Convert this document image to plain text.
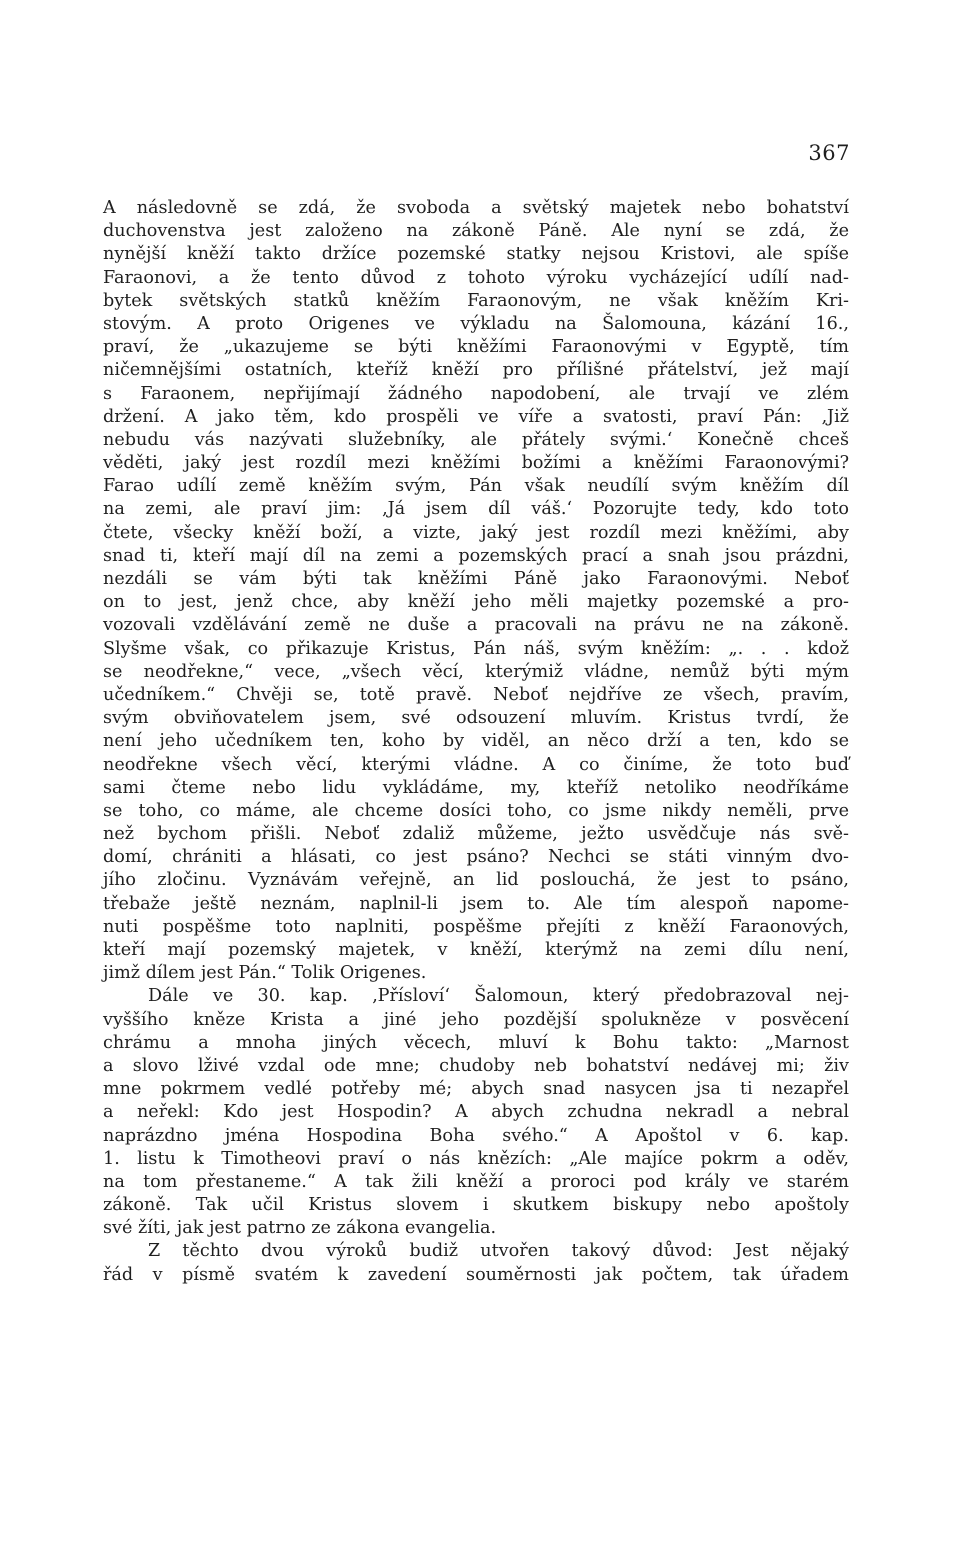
367
A následovně se zdá, že svoboda a světský majetek nebo bohatství
duchovenstva jest založeno na zákoně Páně. Ale nyní se zdá, že
nynější kněží takto držíce pozemské statky nejsou Kristovi, ale spíše
Faraonovi, a že tento důvod z tohoto výroku vycházející udílí nad-
bytek světských statků kněžím Faraonovým, ne však kněžím Kri-
stovým. A proto Origenes ve výkladu na Šalomouna, kázání 16.,
praví, že „ukazujeme se býti kněžími Faraonovými v Egyptě, tím
ničemnějšími ostatních, kteříž kněží pro přílišné přátelství, jež mají
s Faraonem, nepřijímají žádného napodobení, ale trvají ve zlém
držení. A jako těm, kdo prospěli ve víře a svatosti, praví Pán: ‚Již
nebudu vás nazývati služebníky, ale přátely svými.‘ Konečně chceš
věděti, jaký jest rozdíl mezi kněžími božími a kněžími Faraonovými?
Farao udílí země kněžím svým, Pán však neudílí svým kněžím díl
na zemi, ale praví jim: ‚Já jsem díl váš.‘ Pozorujte tedy, kdo toto
čtete, všecky kněží boží, a vizte, jaký jest rozdíl mezi kněžími, aby
snad ti, kteří mají díl na zemi a pozemských prací a snah jsou prázdni,
nezdáli se vám býti tak kněžími Páně jako Faraonovými. Neboť
on to jest, jenž chce, aby kněží jeho měli majetky pozemské a pro-
vozovali vzdělávání země ne duše a pracovali na právu ne na zákoně.
Slyšme však, co přikazuje Kristus, Pán náš, svým kněžím: „. . . kdož
se neodřekne,“ vece, „všech věcí, kterýmiž vládne, nemůž býti mým
učedníkem.“ Chvěji se, totě pravě. Neboť nejdříve ze všech, pravím,
svým obviňovatelem jsem, své odsouzení mluvím. Kristus tvrdí, že
není jeho učedníkem ten, koho by viděl, an něco drží a ten, kdo se
neodřekne všech věcí, kterými vládne. A co činíme, že toto buď
sami čteme nebo lidu vykládáme, my, kteříž netoliko neodříkáme
se toho, co máme, ale chceme dosíci toho, co jsme nikdy neměli, prve
než bychom přišli. Neboť zdaliž můžeme, ježto usvědčuje nás svě-
domí, chrániti a hlásati, co jest psáno? Nechci se státi vinným dvo-
jího zločinu. Vyznávám veřejně, an lid poslouchá, že jest to psáno,
třebaže ještě neznám, naplnil-li jsem to. Ale tím alespoň napome-
nuti pospěšme toto naplniti, pospěšme přejíti z kněží Faraonových,
kteří mají pozemský majetek, v kněží, kterýmž na zemi dílu není,
jimž dílem jest Pán.“ Tolik Origenes.
Dále ve 30. kap. ‚Přísloví‘ Šalomoun, který předobrazoval nej-
vyššího kněze Krista a jiné jeho pozdější spolukněze v posvěcení
chrámu a mnoha jiných věcech, mluví k Bohu takto: „Marnost
a slovo lživé vzdal ode mne; chudoby neb bohatství nedávej mi; živ
mne pokrmem vedlé potřeby mé; abych snad nasycen jsa ti nezapřel
a neřekl: Kdo jest Hospodin? A abych zchudna nekradl a nebral
naprázdno jména Hospodina Boha svého.“ A Apoštol v 6. kap.
1. listu k Timotheovi praví o nás knězích: „Ale majíce pokrm a oděv,
na tom přestaneme.“ A tak žili kněží a proroci pod krály ve starém
zákoně. Tak učil Kristus slovem i skutkem biskupy nebo apoštoly
své žíti, jak jest patrno ze zákona evangelia.
Z těchto dvou výroků budiž utvořen takový důvod: Jest nějaký
řád v písmě svatém k zavedení souměrnosti jak počtem, tak úřadem
